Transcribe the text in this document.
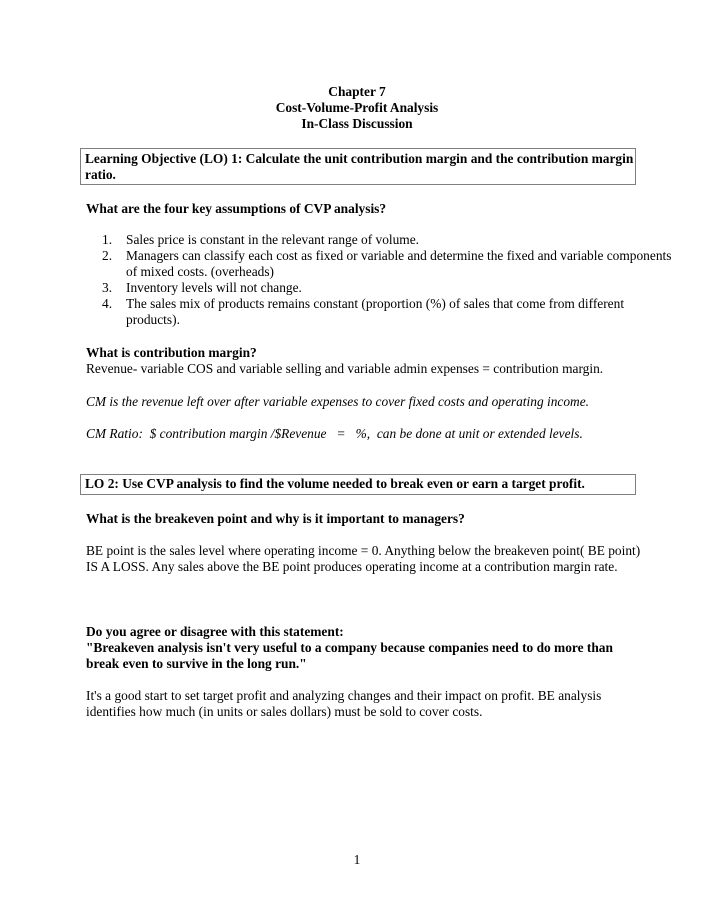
Chapter 7
Cost-Volume-Profit Analysis
In-Class Discussion
Learning Objective (LO) 1: Calculate the unit contribution margin and the contribution margin ratio.
What are the four key assumptions of CVP analysis?
1.	Sales price is constant in the relevant range of volume.
2.	Managers can classify each cost as fixed or variable and determine the fixed and variable components of mixed costs. (overheads)
3.	Inventory levels will not change.
4.	The sales mix of products remains constant (proportion (%) of sales that come from different products).
What is contribution margin?
Revenue- variable COS and variable selling and variable admin expenses = contribution margin.
CM is the revenue left over after variable expenses to cover fixed costs and operating income.
CM Ratio:  $ contribution margin /$Revenue   =   %,  can be done at unit or extended levels.
LO 2: Use CVP analysis to find the volume needed to break even or earn a target profit.
What is the breakeven point and why is it important to managers?
BE point is the sales level where operating income = 0. Anything below the breakeven point( BE point) IS A LOSS. Any sales above the BE point produces operating income at a contribution margin rate.
Do you agree or disagree with this statement:
"Breakeven analysis isn't very useful to a company because companies need to do more than break even to survive in the long run."
It's a good start to set target profit and analyzing changes and their impact on profit. BE analysis identifies how much (in units or sales dollars) must be sold to cover costs.
1
